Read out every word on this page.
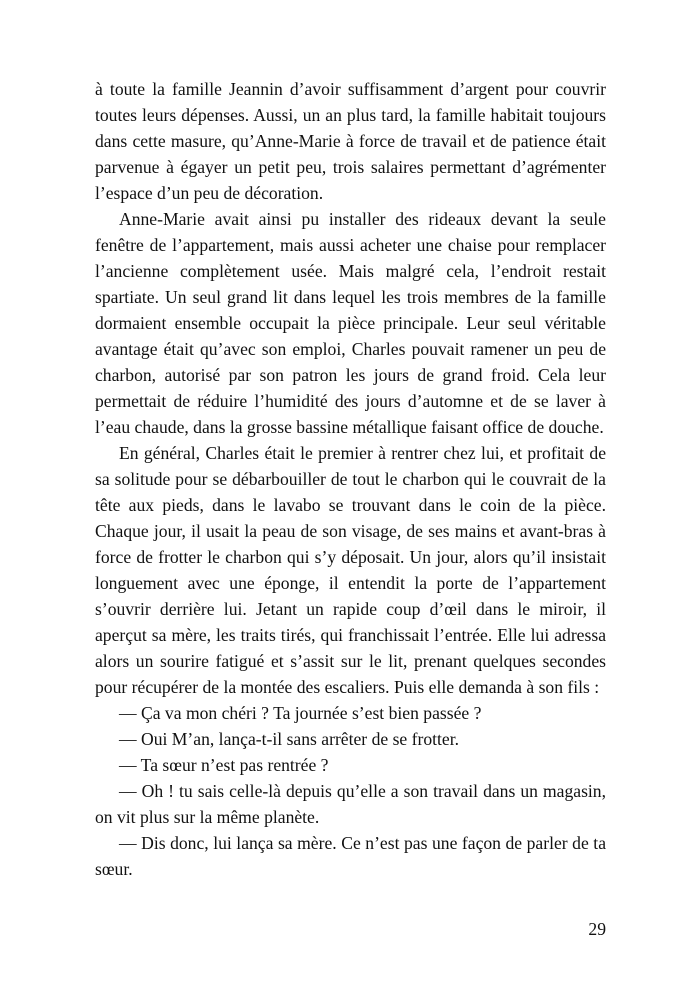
à toute la famille Jeannin d’avoir suffisamment d’argent pour couvrir toutes leurs dépenses. Aussi, un an plus tard, la famille habitait toujours dans cette masure, qu’Anne-Marie à force de travail et de patience était parvenue à égayer un petit peu, trois salaires permettant d’agrémenter l’espace d’un peu de décoration.

Anne-Marie avait ainsi pu installer des rideaux devant la seule fenêtre de l’appartement, mais aussi acheter une chaise pour remplacer l’ancienne complètement usée. Mais malgré cela, l’endroit restait spartiate. Un seul grand lit dans lequel les trois membres de la famille dormaient ensemble occupait la pièce principale. Leur seul véritable avantage était qu’avec son emploi, Charles pouvait ramener un peu de charbon, autorisé par son patron les jours de grand froid. Cela leur permettait de réduire l’humidité des jours d’automne et de se laver à l’eau chaude, dans la grosse bassine métallique faisant office de douche.

En général, Charles était le premier à rentrer chez lui, et profitait de sa solitude pour se débarbouiller de tout le charbon qui le couvrait de la tête aux pieds, dans le lavabo se trouvant dans le coin de la pièce. Chaque jour, il usait la peau de son visage, de ses mains et avant-bras à force de frotter le charbon qui s’y déposait. Un jour, alors qu’il insistait longuement avec une éponge, il entendit la porte de l’appartement s’ouvrir derrière lui. Jetant un rapide coup d’œil dans le miroir, il aperçut sa mère, les traits tirés, qui franchissait l’entrée. Elle lui adressa alors un sourire fatigué et s’assit sur le lit, prenant quelques secondes pour récupérer de la montée des escaliers. Puis elle demanda à son fils :

— Ça va mon chéri ? Ta journée s’est bien passée ?

— Oui M’an, lança-t-il sans arrêter de se frotter.

— Ta sœur n’est pas rentrée ?

— Oh ! tu sais celle-là depuis qu’elle a son travail dans un magasin, on vit plus sur la même planète.

— Dis donc, lui lança sa mère. Ce n’est pas une façon de parler de ta sœur.

29
